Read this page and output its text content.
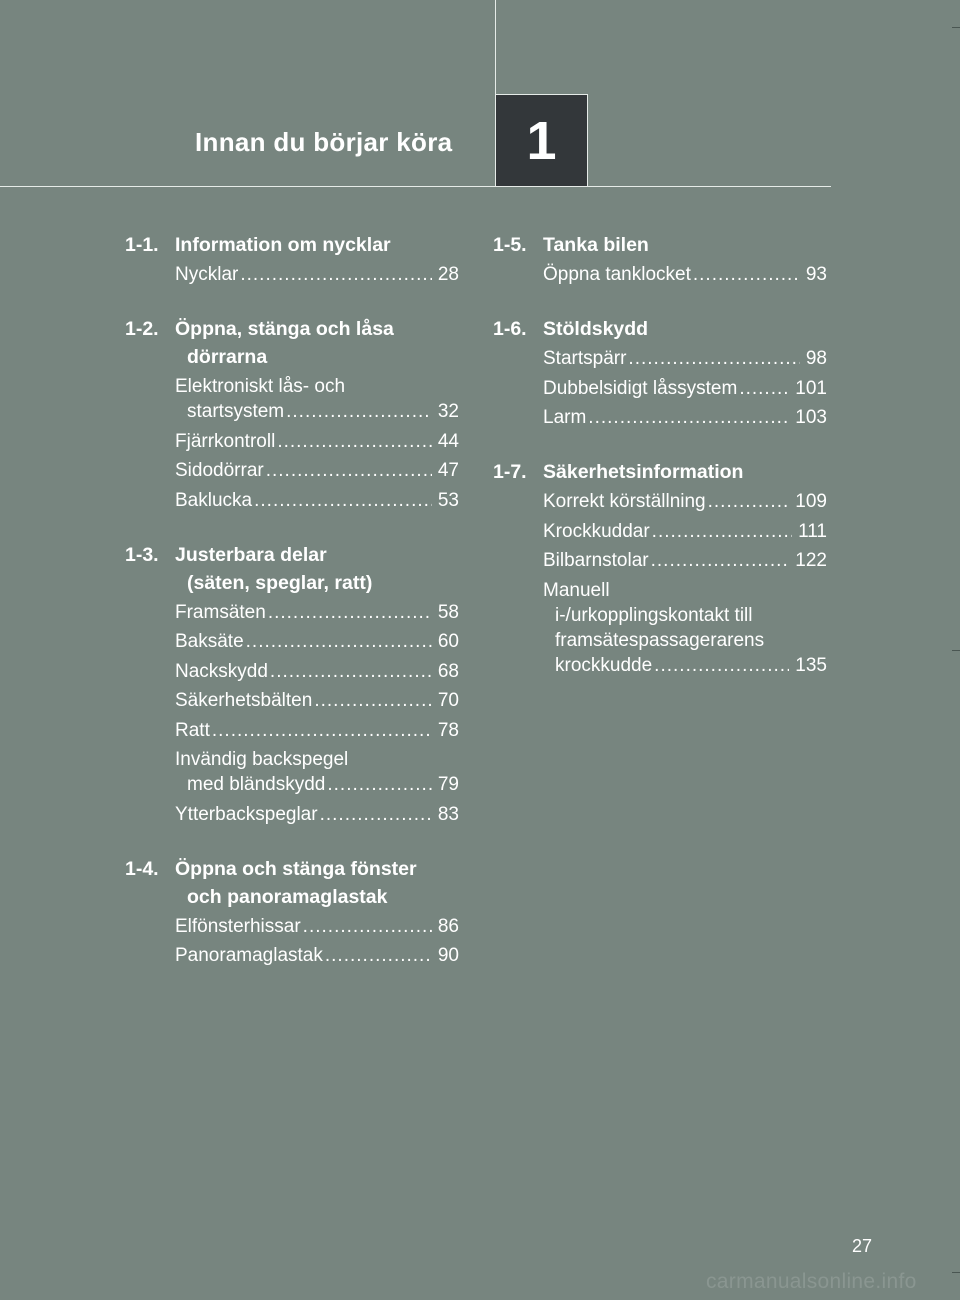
Innan du börjar köra	1
1-1. Information om nycklar
Nycklar .....	28
1-2. Öppna, stänga och låsa
dörrarna
Elektroniskt lås- och
startsystem .....	32
Fjärrkontroll .....	44
Sidodörrar .....	47
Baklucka .....	53
1-3. Justerbara delar
(säten, speglar, ratt)
Framsäten .....	58
Baksäte .....	60
Nackskydd .....	68
Säkerhetsbälten .....	70
Ratt .....	78
Invändig backspegel
med bländskydd .....	79
Ytterbackspeglar .....	83
1-4. Öppna och stänga fönster
och panoramaglastak
Elfönsterhissar .....	86
Panoramaglastak .....	90
1-5. Tanka bilen
Öppna tanklocket .....	93
1-6. Stöldskydd
Startspärr .....	98
Dubbelsidigt låssystem .....	101
Larm .....	103
1-7. Säkerhetsinformation
Korrekt körställning .....	109
Krockkuddar .....	111
Bilbarnstolar .....	122
Manuell
i-/urkopplingskontakt till
framsätespassagerarens
krockkudde .....	135
27
carmanualsonline.info
